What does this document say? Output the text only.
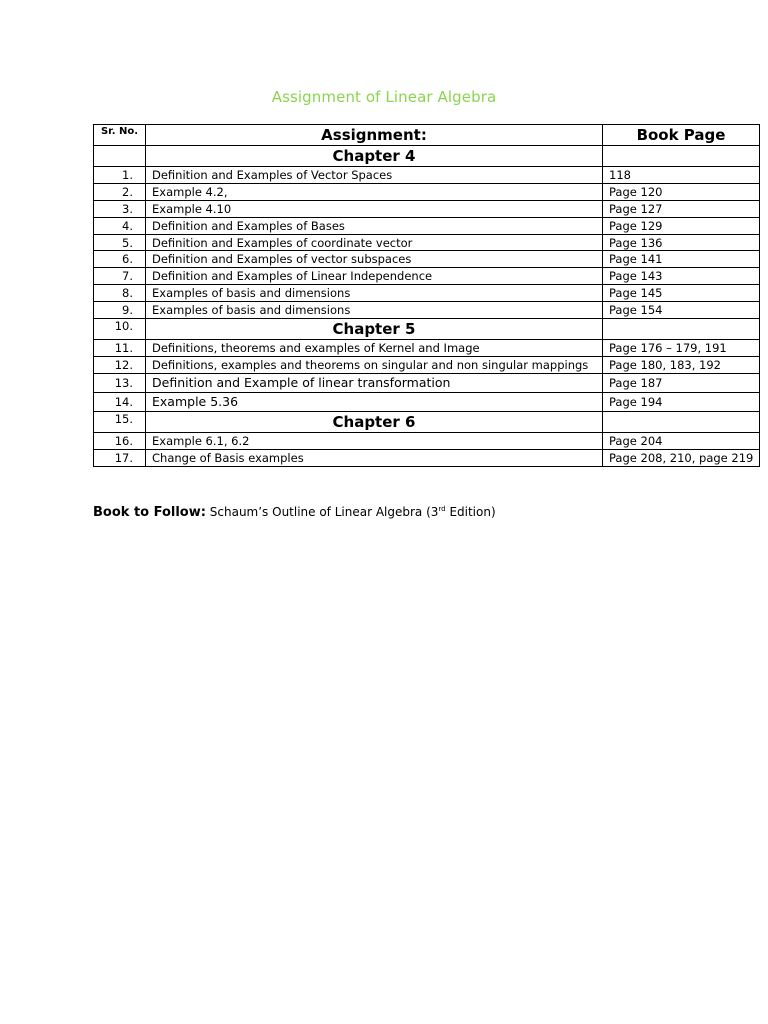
Assignment of Linear Algebra
Sr. No.	Assignment:	Book Page
	Chapter 4	
1.	Definition and Examples of Vector Spaces	118
2.	Example 4.2,	Page 120
3.	Example 4.10	Page 127
4.	Definition and Examples of Bases	Page 129
5.	Definition and Examples of coordinate vector	Page 136
6.	Definition and Examples of vector subspaces	Page 141
7.	Definition and Examples of Linear Independence	Page 143
8.	Examples of basis and dimensions	Page 145
9.	Examples of basis and dimensions	Page 154
10.	Chapter 5	
11.	Definitions, theorems and examples of Kernel and Image	Page 176 – 179, 191
12.	Definitions, examples and theorems on singular and non singular mappings	Page 180, 183, 192
13.	Definition and Example of linear transformation	Page 187
14.	Example 5.36	Page 194
15.	Chapter 6	
16.	Example 6.1, 6.2	Page 204
17.	Change of Basis examples	Page 208, 210, page 219
Book to Follow: Schaum’s Outline of Linear Algebra (3rd Edition)
